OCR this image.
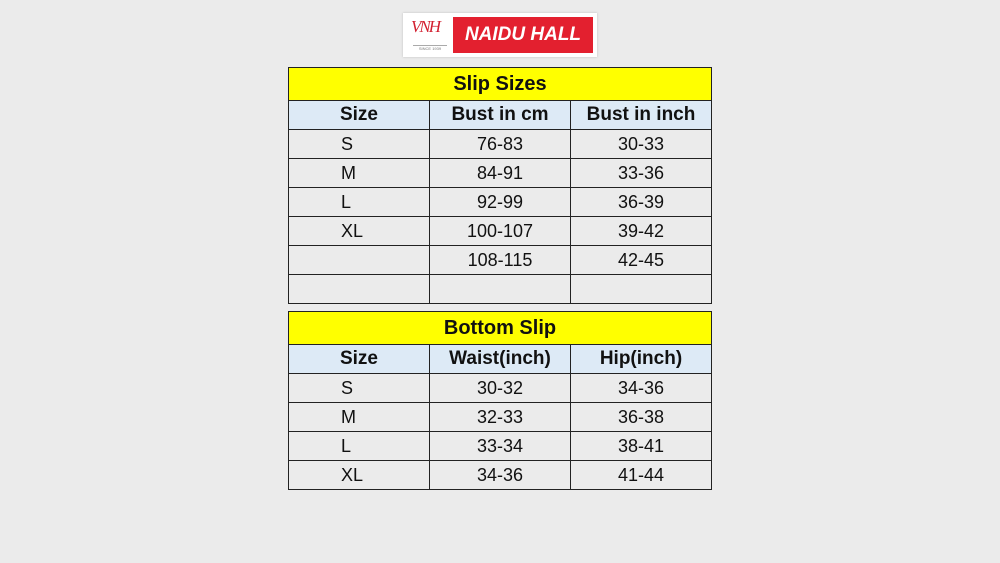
VNH
SINCE 1939
NAIDU HALL
Slip Sizes		
Size	Bust in cm	Bust in inch
S	76-83	30-33
M	84-91	33-36
L	92-99	36-39
XL	100-107	39-42
	108-115	42-45

Bottom Slip		
Size	Waist(inch)	Hip(inch)
S	30-32	34-36
M	32-33	36-38
L	33-34	38-41
XL	34-36	41-44
